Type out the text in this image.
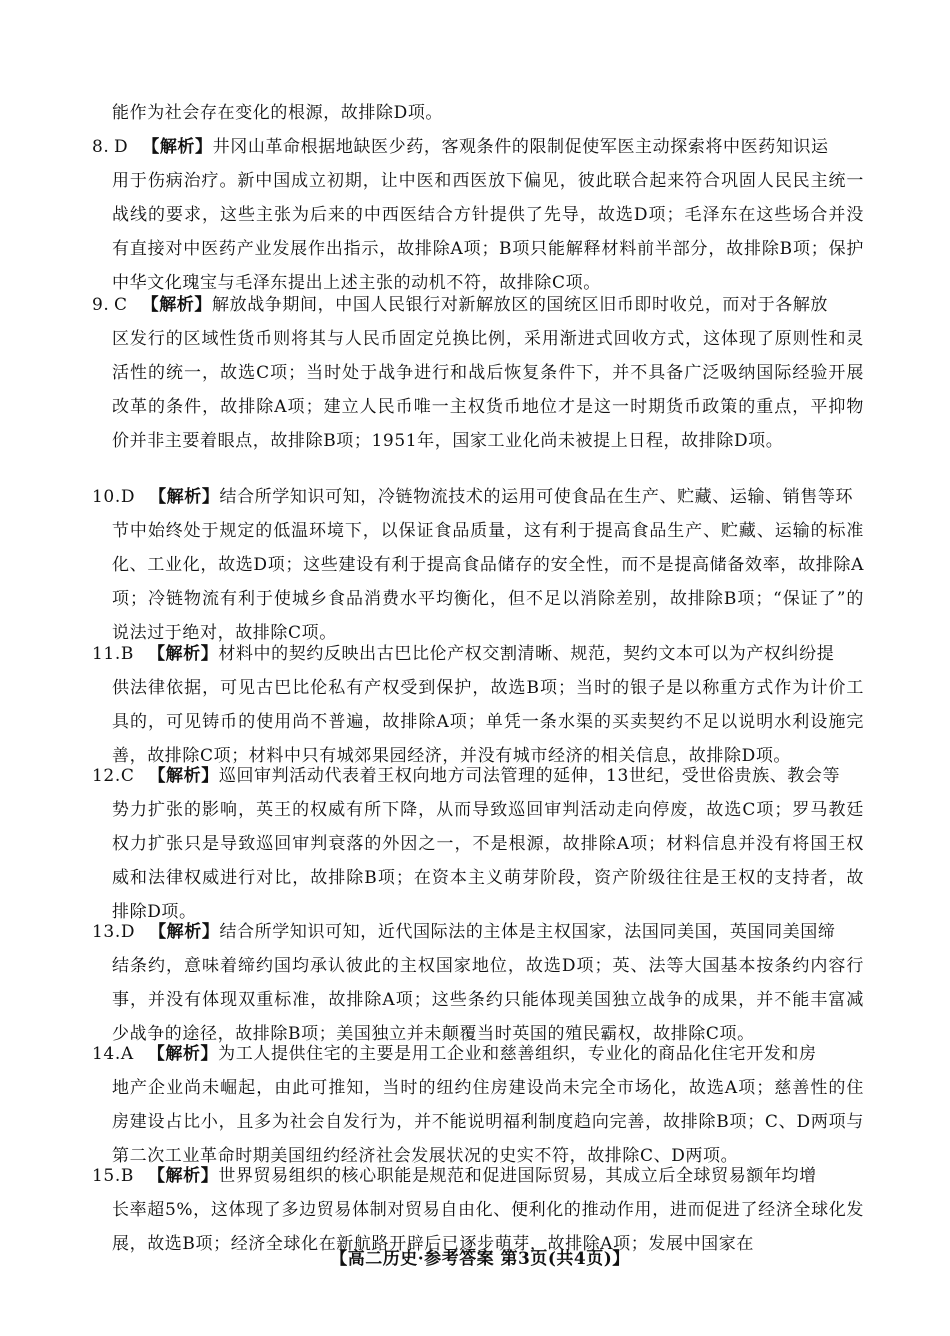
能作为社会存在变化的根源，故排除D项。
8. D 【解析】井冈山革命根据地缺医少药，客观条件的限制促使军医主动探索将中医药知识运
用于伤病治疗。新中国成立初期，让中医和西医放下偏见，彼此联合起来符合巩固人民民主统一战线的要求，这些主张为后来的中西医结合方针提供了先导，故选D项；毛泽东在这些场合并没有直接对中医药产业发展作出指示，故排除A项；B项只能解释材料前半部分，故排除B项；保护中华文化瑰宝与毛泽东提出上述主张的动机不符，故排除C项。
9. C 【解析】解放战争期间，中国人民银行对新解放区的国统区旧币即时收兑，而对于各解放
区发行的区域性货币则将其与人民币固定兑换比例，采用渐进式回收方式，这体现了原则性和灵活性的统一，故选C项；当时处于战争进行和战后恢复条件下，并不具备广泛吸纳国际经验开展改革的条件，故排除A项；建立人民币唯一主权货币地位才是这一时期货币政策的重点，平抑物价并非主要着眼点，故排除B项；1951年，国家工业化尚未被提上日程，故排除D项。
10.D 【解析】结合所学知识可知，冷链物流技术的运用可使食品在生产、贮藏、运输、销售等环
节中始终处于规定的低温环境下，以保证食品质量，这有利于提高食品生产、贮藏、运输的标准化、工业化，故选D项；这些建设有利于提高食品储存的安全性，而不是提高储备效率，故排除A项；冷链物流有利于使城乡食品消费水平均衡化，但不足以消除差别，故排除B项；“保证了”的说法过于绝对，故排除C项。
11.B 【解析】材料中的契约反映出古巴比伦产权交割清晰、规范，契约文本可以为产权纠纷提
供法律依据，可见古巴比伦私有产权受到保护，故选B项；当时的银子是以称重方式作为计价工具的，可见铸币的使用尚不普遍，故排除A项；单凭一条水渠的买卖契约不足以说明水利设施完善，故排除C项；材料中只有城郊果园经济，并没有城市经济的相关信息，故排除D项。
12.C 【解析】巡回审判活动代表着王权向地方司法管理的延伸，13世纪，受世俗贵族、教会等
势力扩张的影响，英王的权威有所下降，从而导致巡回审判活动走向停废，故选C项；罗马教廷权力扩张只是导致巡回审判衰落的外因之一，不是根源，故排除A项；材料信息并没有将国王权威和法律权威进行对比，故排除B项；在资本主义萌芽阶段，资产阶级往往是王权的支持者，故排除D项。
13.D 【解析】结合所学知识可知，近代国际法的主体是主权国家，法国同美国，英国同美国缔
结条约，意味着缔约国均承认彼此的主权国家地位，故选D项；英、法等大国基本按条约内容行事，并没有体现双重标准，故排除A项；这些条约只能体现美国独立战争的成果，并不能丰富减少战争的途径，故排除B项；美国独立并未颠覆当时英国的殖民霸权，故排除C项。
14.A 【解析】为工人提供住宅的主要是用工企业和慈善组织，专业化的商品化住宅开发和房
地产企业尚未崛起，由此可推知，当时的纽约住房建设尚未完全市场化，故选A项；慈善性的住房建设占比小，且多为社会自发行为，并不能说明福利制度趋向完善，故排除B项；C、D两项与第二次工业革命时期美国纽约经济社会发展状况的史实不符，故排除C、D两项。
15.B 【解析】世界贸易组织的核心职能是规范和促进国际贸易，其成立后全球贸易额年均增
长率超5%，这体现了多边贸易体制对贸易自由化、便利化的推动作用，进而促进了经济全球化发展，故选B项；经济全球化在新航路开辟后已逐步萌芽，故排除A项；发展中国家在
【高二历史·参考答案 第3页(共4页)】
